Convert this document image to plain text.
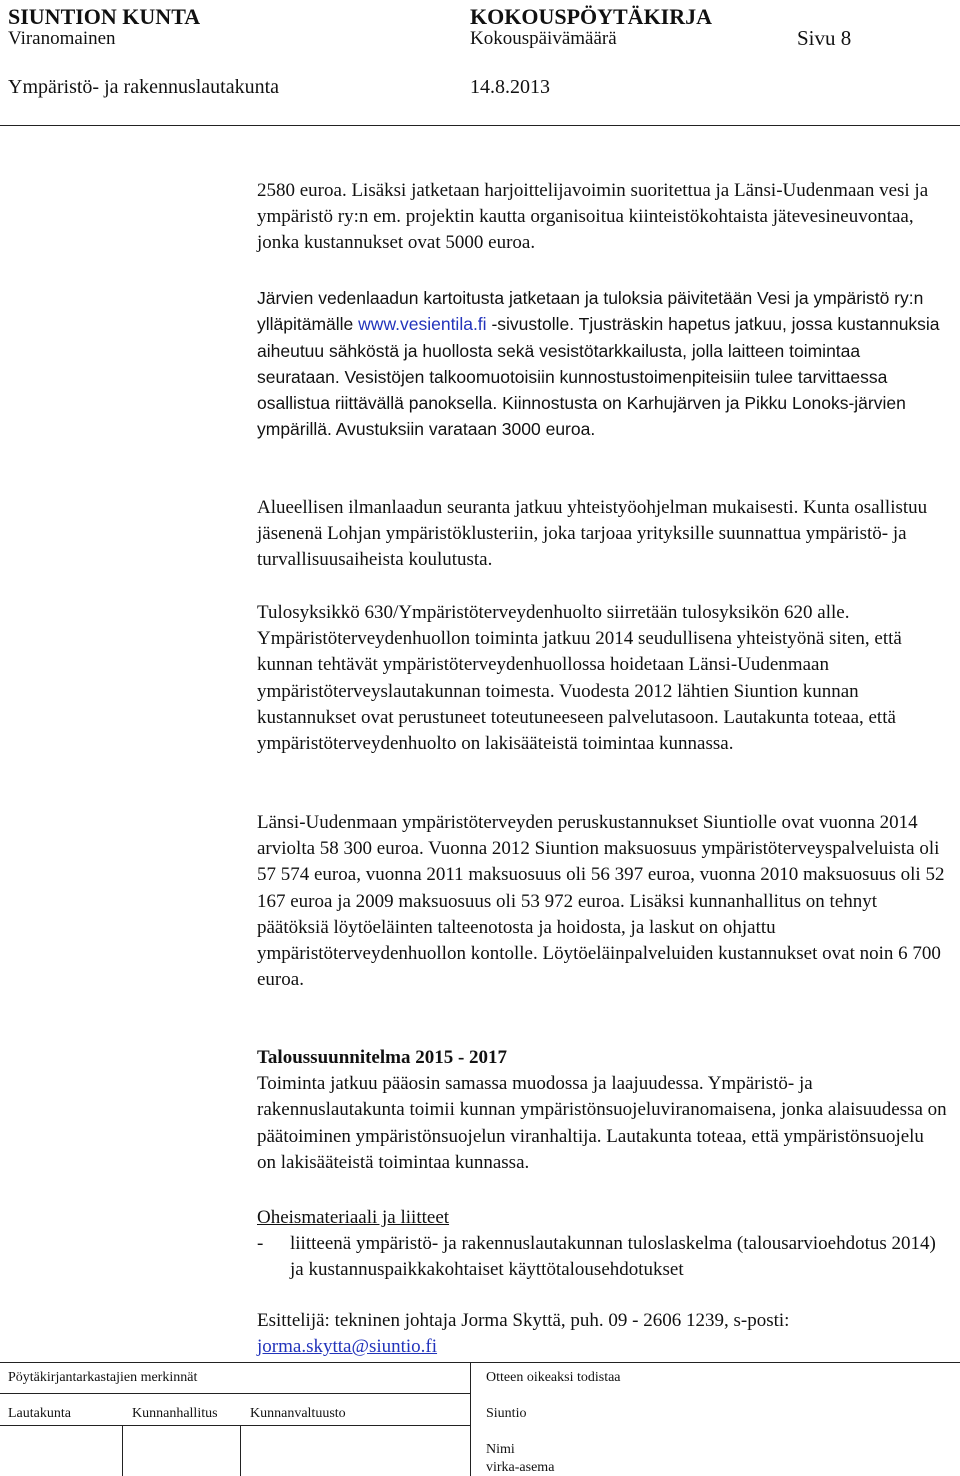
SIUNTION KUNTA	KOKOUSPÖYTÄKIRJA
Viranomainen	Kokouspäivämäärä	Sivu 8
Ympäristö- ja rakennuslautakunta	14.8.2013

2580 euroa. Lisäksi jatketaan harjoittelijavoimin suoritettua ja Länsi-Uudenmaan vesi ja ympäristö ry:n em. projektin kautta organisoitua kiinteistökohtaista jätevesineuvontaa, jonka kustannukset ovat 5000 euroa.

Järvien vedenlaadun kartoitusta jatketaan ja tuloksia päivitetään Vesi ja ympäristö ry:n ylläpitämälle www.vesientila.fi -sivustolle. Tjusträskin hapetus jatkuu, jossa kustannuksia aiheutuu sähköstä ja huollosta sekä vesistötarkkailusta, jolla laitteen toimintaa seurataan. Vesistöjen talkoomuotoisiin kunnostustoimenpiteisiin tulee tarvittaessa osallistua riittävällä panoksella. Kiinnostusta on Karhujärven ja Pikku Lonoks-järvien ympärillä. Avustuksiin varataan 3000 euroa.

Alueellisen ilmanlaadun seuranta jatkuu yhteistyöohjelman mukaisesti. Kunta osallistuu jäsenenä Lohjan ympäristöklusteriin, joka tarjoaa yrityksille suunnattua ympäristö- ja turvallisuusaiheista koulutusta.

Tulosyksikkö 630/Ympäristöterveydenhuolto siirretään tulosyksikön 620 alle. Ympäristöterveydenhuollon toiminta jatkuu 2014 seudullisena yhteistyönä siten, että kunnan tehtävät ympäristöterveydenhuollossa hoidetaan Länsi-Uudenmaan ympäristöterveyslautakunnan toimesta. Vuodesta 2012 lähtien Siuntion kunnan kustannukset ovat perustuneet toteutuneeseen palvelutasoon. Lautakunta toteaa, että ympäristöterveydenhuolto on lakisääteistä toimintaa kunnassa.

Länsi-Uudenmaan ympäristöterveyden peruskustannukset Siuntiolle ovat vuonna 2014 arviolta 58 300 euroa. Vuonna 2012 Siuntion maksuosuus ympäristöterveyspalveluista oli 57 574 euroa, vuonna 2011 maksuosuus oli 56 397 euroa, vuonna 2010 maksuosuus oli 52 167 euroa ja 2009 maksuosuus oli 53 972 euroa. Lisäksi kunnanhallitus on tehnyt päätöksiä löytöeläinten talteenotosta ja hoidosta, ja laskut on ohjattu ympäristöterveydenhuollon kontolle. Löytöeläinpalveluiden kustannukset ovat noin 6 700 euroa.

Taloussuunnitelma 2015 - 2017

Toiminta jatkuu pääosin samassa muodossa ja laajuudessa. Ympäristö- ja rakennuslautakunta toimii kunnan ympäristönsuojeluviranomaisena, jonka alaisuudessa on päätoiminen ympäristönsuojelun viranhaltija. Lautakunta toteaa, että ympäristönsuojelu on lakisääteistä toimintaa kunnassa.

Oheismateriaali ja liitteet

-	liitteenä ympäristö- ja rakennuslautakunnan tuloslaskelma (talousarvioehdotus 2014) ja kustannuspaikkakohtaiset käyttötalousehdotukset

Esittelijä: tekninen johtaja Jorma Skyttä, puh. 09 - 2606 1239, s-posti:

jorma.skytta@siuntio.fi

Pöytäkirjantarkastajien merkinnät	Otteen oikeaksi todistaa
Lautakunta	Kunnanhallitus Kunnanvaltuusto	Siuntio
Nimi
virka-asema
